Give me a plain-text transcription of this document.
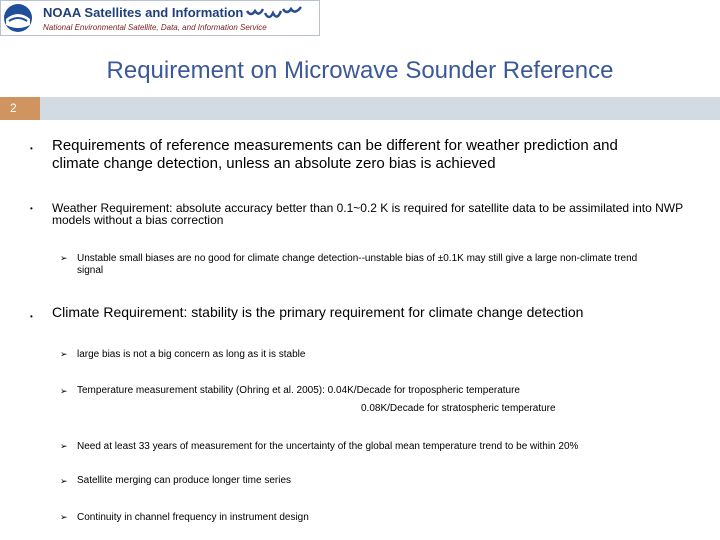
NOAA Satellites and Information
National Environmental Satellite, Data, and Information Service
Requirement on Microwave Sounder Reference
2
• Requirements of reference measurements can be different for weather prediction and
climate change detection, unless an absolute zero bias is achieved
• Weather Requirement: absolute accuracy better than 0.1~0.2 K is required for satellite data to be assimilated into NWP
models without a bias correction
➢ Unstable small biases are no good for climate change detection--unstable bias of ±0.1K may still give a large non-climate trend
signal
• Climate Requirement: stability is the primary requirement for climate change detection
➢ large bias is not a big concern as long as it is stable
➢ Temperature measurement stability (Ohring et al. 2005): 0.04K/Decade for tropospheric temperature
0.08K/Decade for stratospheric temperature
➢ Need at least 33 years of measurement for the uncertainty of the global mean temperature trend to be within 20%
➢ Satellite merging can produce longer time series
➢ Continuity in channel frequency in instrument design
